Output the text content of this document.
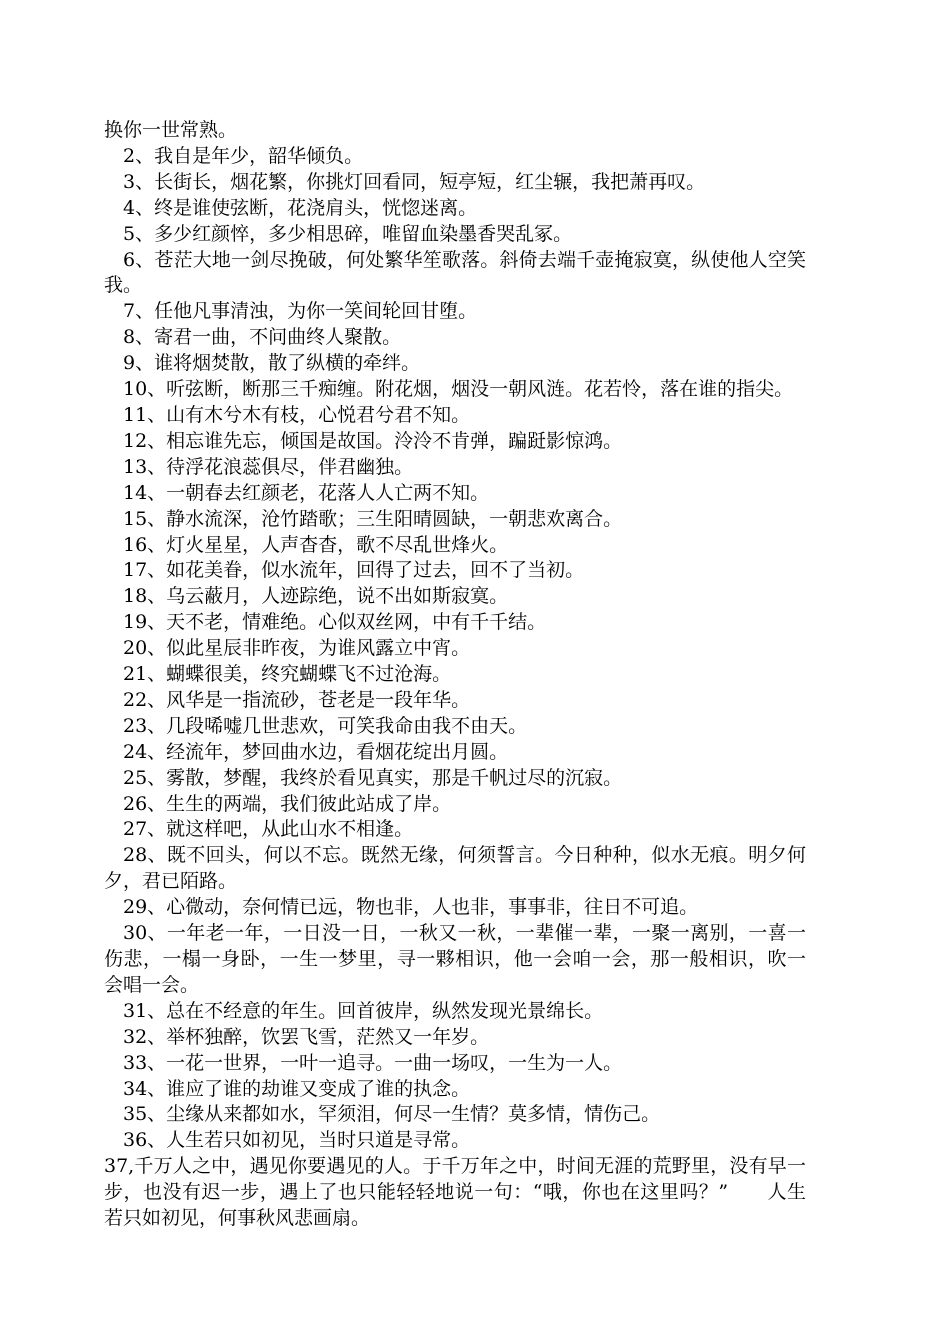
换你一世常熟。

2、我自是年少，韶华倾负。

3、长街长，烟花繁，你挑灯回看同，短亭短，红尘辗，我把萧再叹。

4、终是谁使弦断，花浇肩头，恍惚迷离。

5、多少红颜悴，多少相思碎，唯留血染墨香哭乱冢。

6、苍茫大地一剑尽挽破，何处繁华笙歌落。斜倚去端千壶掩寂寞，纵使他人空笑我。

7、任他凡事清浊，为你一笑间轮回甘堕。

8、寄君一曲，不问曲终人聚散。

9、谁将烟焚散，散了纵横的牵绊。

10、听弦断，断那三千痴缠。附花烟，烟没一朝风涟。花若怜，落在谁的指尖。

11、山有木兮木有枝，心悦君兮君不知。

12、相忘谁先忘，倾国是故国。泠泠不肯弹，蹁跹影惊鸿。

13、待浮花浪蕊俱尽，伴君幽独。

14、一朝春去红颜老，花落人人亡两不知。

15、静水流深，沧竹踏歌；三生阳晴圆缺，一朝悲欢离合。

16、灯火星星，人声杳杳，歌不尽乱世烽火。

17、如花美眷，似水流年，回得了过去，回不了当初。

18、乌云蔽月，人迹踪绝，说不出如斯寂寞。

19、天不老，情难绝。心似双丝网，中有千千结。

20、似此星辰非昨夜，为谁风露立中宵。

21、蝴蝶很美，终究蝴蝶飞不过沧海。

22、风华是一指流砂，苍老是一段年华。

23、几段唏嘘几世悲欢，可笑我命由我不由天。

24、经流年，梦回曲水边，看烟花绽出月圆。

25、雾散，梦醒，我终於看见真实，那是千帆过尽的沉寂。

26、生生的两端，我们彼此站成了岸。

27、就这样吧，从此山水不相逢。

28、既不回头，何以不忘。既然无缘，何须誓言。今日种种，似水无痕。明夕何夕，君已陌路。

29、心微动，奈何情已远，物也非，人也非，事事非，往日不可追。

30、一年老一年，一日没一日，一秋又一秋，一辈催一辈，一聚一离别，一喜一伤悲，一榻一身卧，一生一梦里，寻一夥相识，他一会咱一会，那一般相识，吹一会唱一会。

31、总在不经意的年生。回首彼岸，纵然发现光景绵长。

32、举杯独醉，饮罢飞雪，茫然又一年岁。

33、一花一世界，一叶一追寻。一曲一场叹，一生为一人。

34、谁应了谁的劫谁又变成了谁的执念。

35、尘缘从来都如水，罕须泪，何尽一生情？莫多情，情伤己。

36、人生若只如初见，当时只道是寻常。

37,千万人之中，遇见你要遇见的人。于千万年之中，时间无涯的荒野里，没有早一步，也没有迟一步，遇上了也只能轻轻地说一句：“哦，你也在这里吗？”　　人生若只如初见，何事秋风悲画扇。
